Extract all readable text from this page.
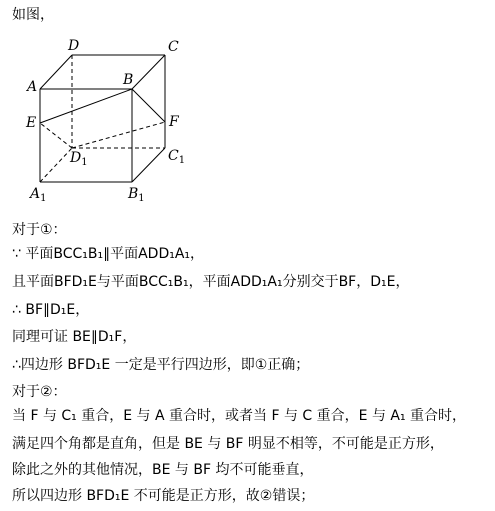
如图，
D	C
A	B
E	F
$D_1$	$C_1$
$A_1$	$B_1$
对于①：
∵ 平面BCC₁B₁∥平面ADD₁A₁，
且平面BFD₁E与平面BCC₁B₁，平面ADD₁A₁分别交于BF，D₁E，
∴ BF∥D₁E，
同理可证 BE∥D₁F，
∴四边形 BFD₁E 一定是平行四边形，即①正确；
对于②：
当 F 与 C₁ 重合，E 与 A 重合时，或者当 F 与 C 重合，E 与 A₁ 重合时，
满足四个角都是直角，但是 BE 与 BF 明显不相等，不可能是正方形，
除此之外的其他情况，BE 与 BF 均不可能垂直，
所以四边形 BFD₁E 不可能是正方形，故②错误；
